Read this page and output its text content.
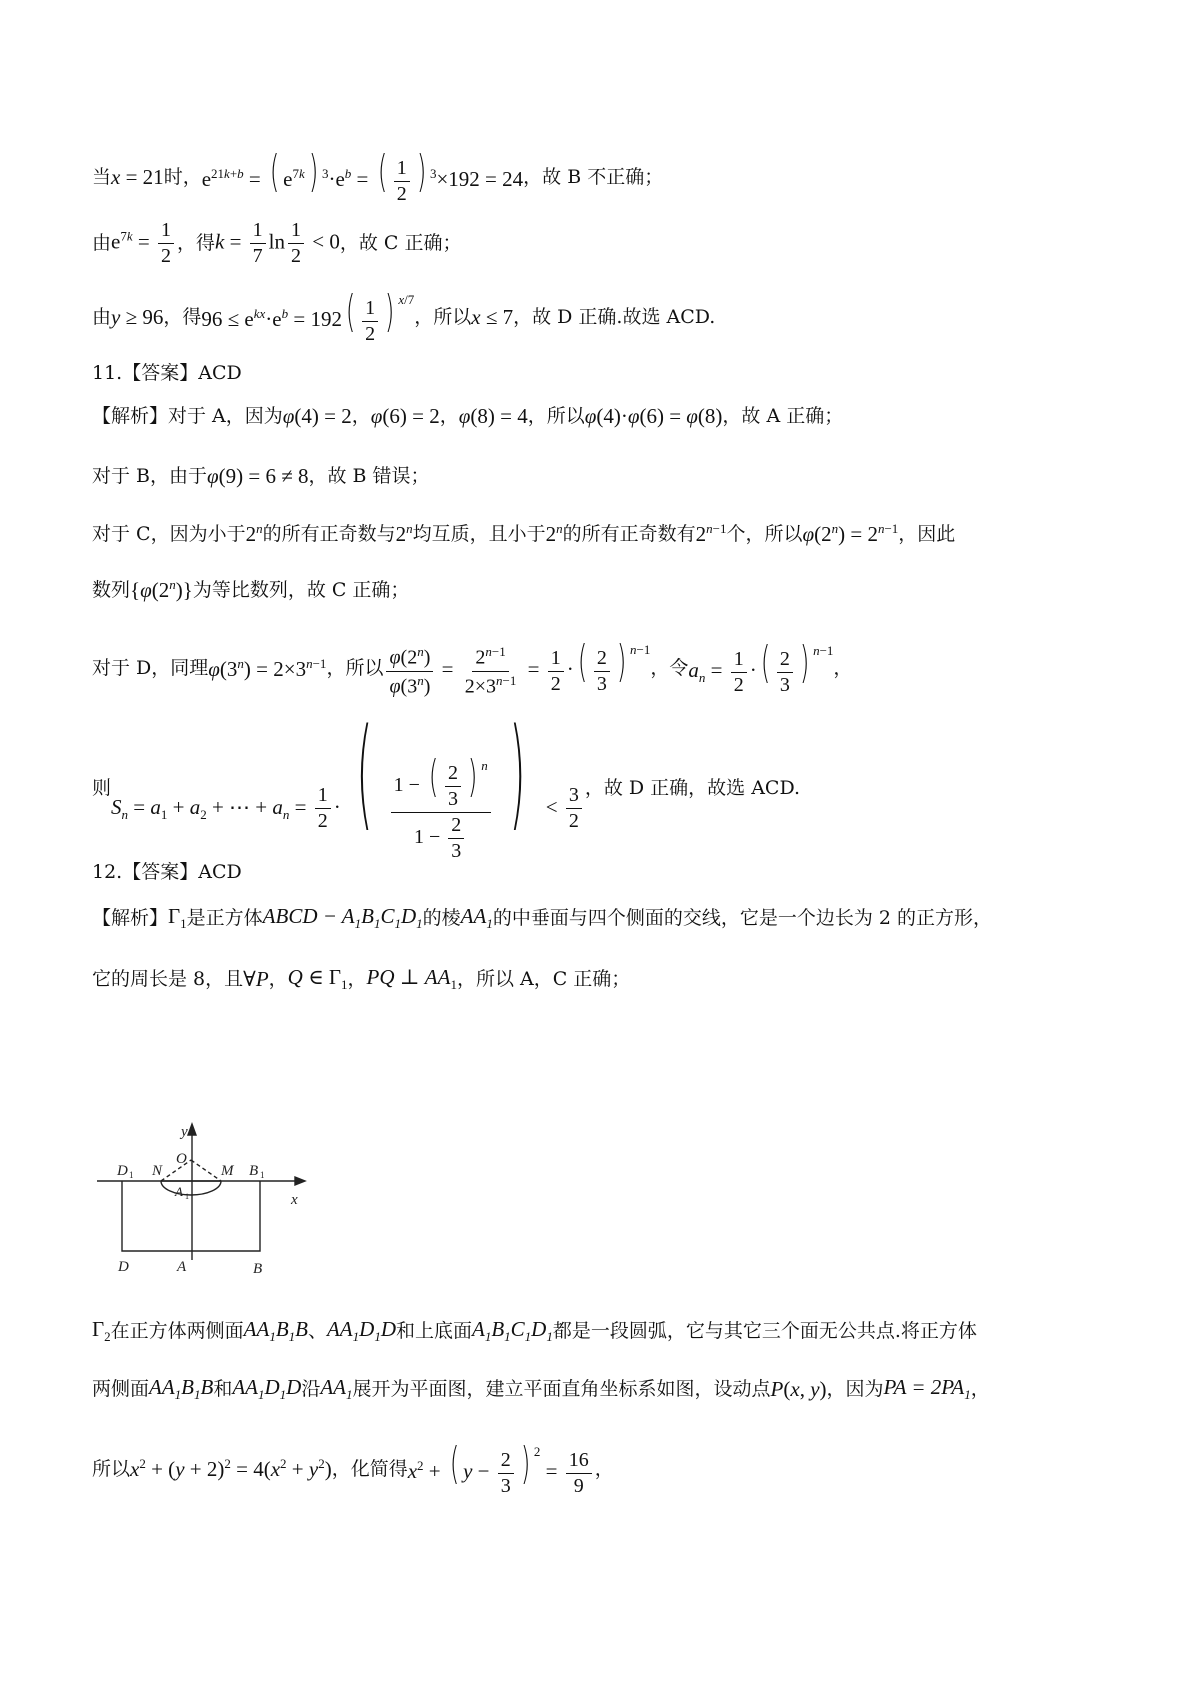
当 x = 21 时， $e^{21k+b}$ = ( $e^{7k}$) $^3\cdot e^b$ = ( $\frac{1}{2}$ ) $^3$×192 = 24 ，故 B 不正确；
由 $e^{7k} = \frac{1}{2}$ ，得 $k = \frac{1}{7}$ $\ln \frac{1}{2} < 0$ ，故 C 正确；
由 y ≥ 96 ，得 $96 \le e^{kx}\cdot e^b = 192( \frac{1}{2}$ ) $^{x/7}$
，所以 x ≤ 7 ，故 D 正确.故选 ACD.
11.【答案】ACD
【解析】对于 A，因为 φ(4) = 2 ， φ(6) = 2 ， φ(8) = 4 ，所以 φ(4)·φ(6) = φ(8) ，故 A 正确；
对于 B，由于 φ(9) = 6 ≠ 8 ，故 B 错误；
对于 C，因为小于 2$^n$ 的所有正奇数与 2$^n$ 均互质，且小于 2$^n$ 的所有正奇数有 $2^{n-1}$ 个，所以 $\varphi(2^n) = 2^{n-1}$ ，因此
数列 {φ(2$^n$)} 为等比数列，故 C 正确；
对于 D，同理 $\varphi(3^n) = 2\times 3^{n-1}$ ，所以 $\frac{\varphi(2^n)}{\varphi(3^n)} = \frac{2^{n-1}}{2\times 3^{n-1}} = \frac{1}{2}$ ·( $\frac{2}{3}$ ) $^{n-1}$
，令 $a_n = \frac{1}{2}$ ·( $\frac{2}{3}$ ) $^{n-1}$
，
则
$S_n = a_1 + a_2$ + ⋯ + $a_n = \frac{1}{2}$ · ( $\frac{1 - ( \frac{2}{3} ) ^n}{1 - \frac{2}{3}}$ ) < $\frac{3}{2}$ ，故 D 正确，故选 ACD.
12.【答案】ACD
【解析】 $\Gamma_1$ 是正方体 ABCD − $A_1B_1C_1D_1$ 的棱 $AA_1$ 的中垂面与四个侧面的交线，它是一个边长为 2 的正方形，
它的周长是 8，且 ∀P ， Q ∈ $\Gamma_1$ ， PQ ⊥ $AA_1$ ，所以 A，C 正确；
y
x
O
D 1 N	M B 1
A 1
D	A	B
$\Gamma_2$ 在正方体两侧面 $AA_1B_1B$ 、 $AA_1D_1D$ 和上底面 $A_1B_1C_1D_1$ 都是一段圆弧，它与其它三个面无公共点.将正方体
两侧面 $AA_1B_1B$ 和 $AA_1D_1D$ 沿 $AA_1$ 展开为平面图，建立平面直角坐标系如图，设动点 P(x, y) ，因为 PA = $2PA_1$ ，
所以 $x^2 + (y + 2)^2 = 4(x^2 + y^2)$ ，化简得 $x^2$ + ( $y - \frac{2}{3}$ ) $^2 = \frac{16}{9}$ ，
